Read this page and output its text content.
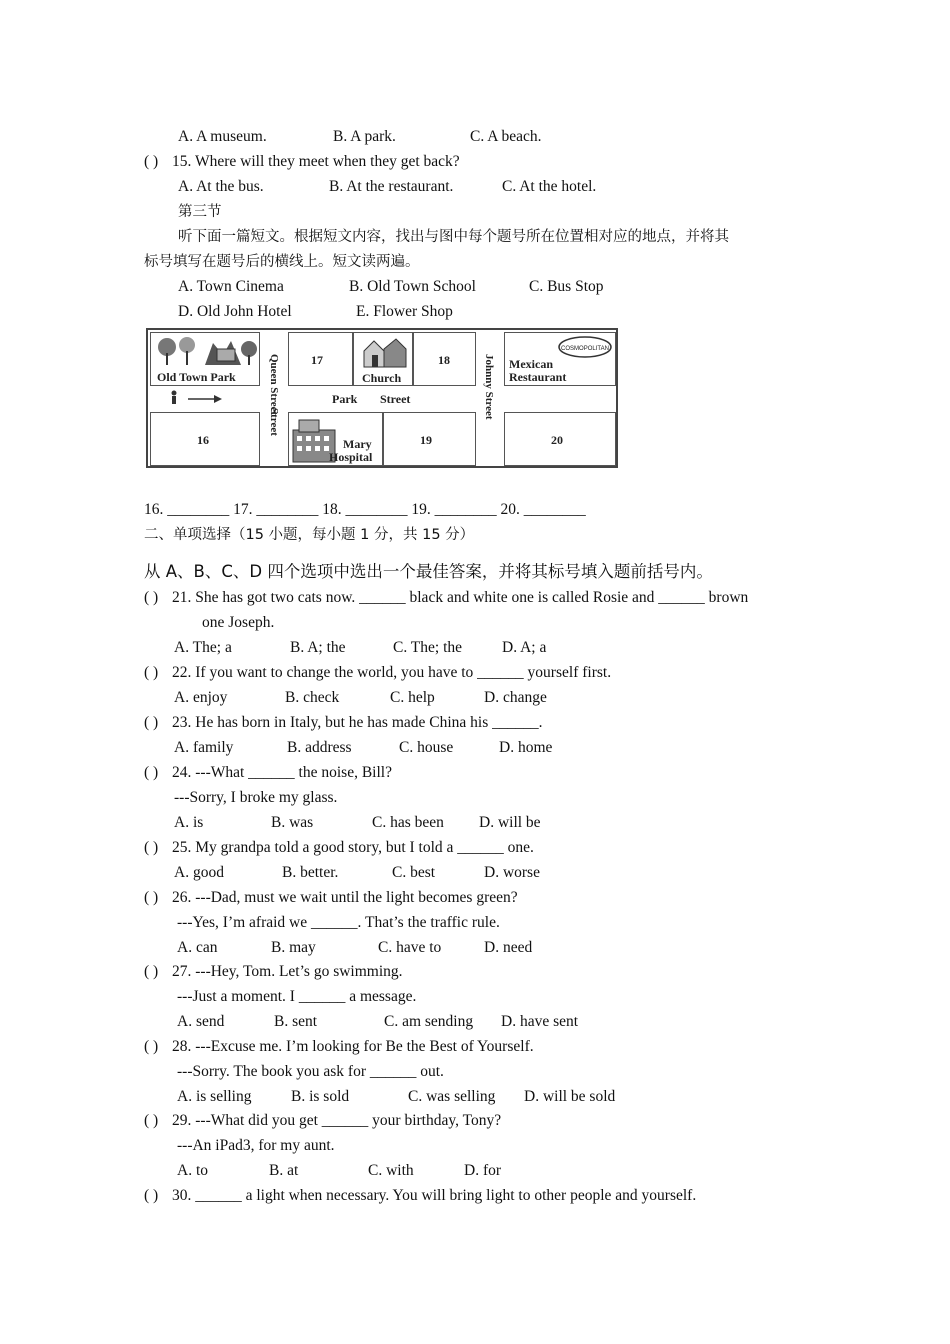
A. A museum.	B. A park.	C. A beach.
( ) 15. Where will they meet when they get back?
A. At the bus.	B. At the restaurant.	C. At the hotel.
第三节
听下面一篇短文。根据短文内容，找出与图中每个题号所在位置相对应的地点，并将其
标号填写在题号后的横线上。短文读两遍。
A. Town Cinema	B. Old Town School	C. Bus Stop
D. Old John Hotel	E. Flower Shop
Old Town Park	Queen Street	17
Church
18	Johnny Street
COSMOPOLITAN
Mexican
Restaurant
Park Street
16
Street
Mary
Hospital
19	20
16. ________ 17. ________ 18. ________ 19. ________ 20. ________
二、单项选择（15 小题，每小题 1 分，共 15 分）
从 A、B、C、D 四个选项中选出一个最佳答案，并将其标号填入题前括号内。
( ) 21. She has got two cats now. ______ black and white one is called Rosie and ______ brown
one Joseph.
A. The; a	B. A; the	C. The; the	D. A; a
( ) 22. If you want to change the world, you have to ______ yourself first.
A. enjoy	B. check	C. help	D. change
( ) 23. He has born in Italy, but he has made China his ______.
A. family	B. address	C. house	D. home
( ) 24. ---What ______ the noise, Bill?
---Sorry, I broke my glass.
A. is	B. was	C. has been D. will be
( ) 25. My grandpa told a good story, but I told a ______ one.
A. good	B. better.	C. best	D. worse
( ) 26. ---Dad, must we wait until the light becomes green?
---Yes, I’m afraid we ______. That’s the traffic rule.
A. can	B. may	C. have to	D. need
( ) 27. ---Hey, Tom. Let’s go swimming.
---Just a moment. I ______ a message.
A. send	B. sent	C. am sending D. have sent
( ) 28. ---Excuse me. I’m looking for Be the Best of Yourself.
---Sorry. The book you ask for ______ out.
A. is selling	B. is sold	C. was selling D. will be sold
( ) 29. ---What did you get ______ your birthday, Tony?
---An iPad3, for my aunt.
A. to	B. at	C. with	D. for
( ) 30. ______ a light when necessary. You will bring light to other people and yourself.
